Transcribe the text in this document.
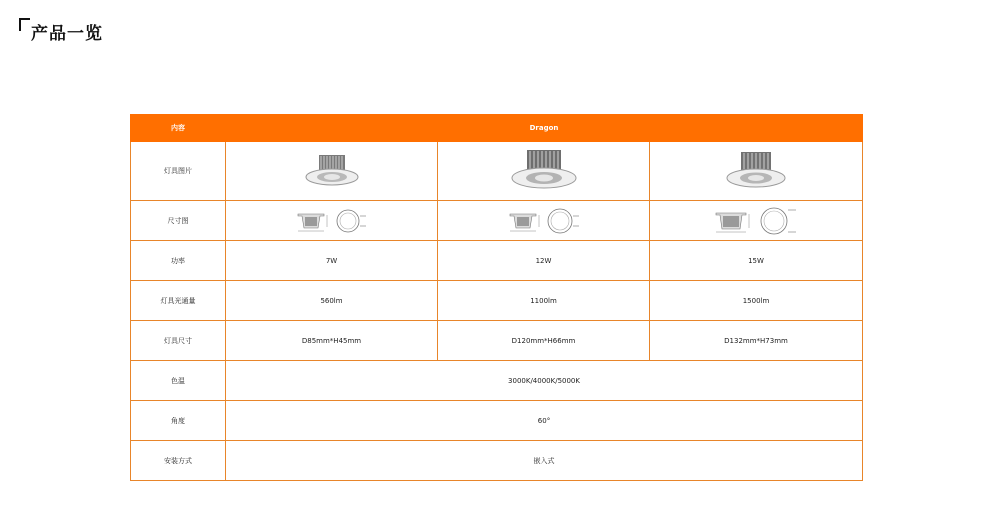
产品一览
内容	Dragon		
灯具图片	

尺寸图	

功率	7W	12W	15W
灯具光通量	560lm	1100lm	1500lm
灯具尺寸	D85mm*H45mm	D120mm*H66mm	D132mm*H73mm
色温	3000K/4000K/5000K		
角度	60°		
安装方式	嵌入式		
